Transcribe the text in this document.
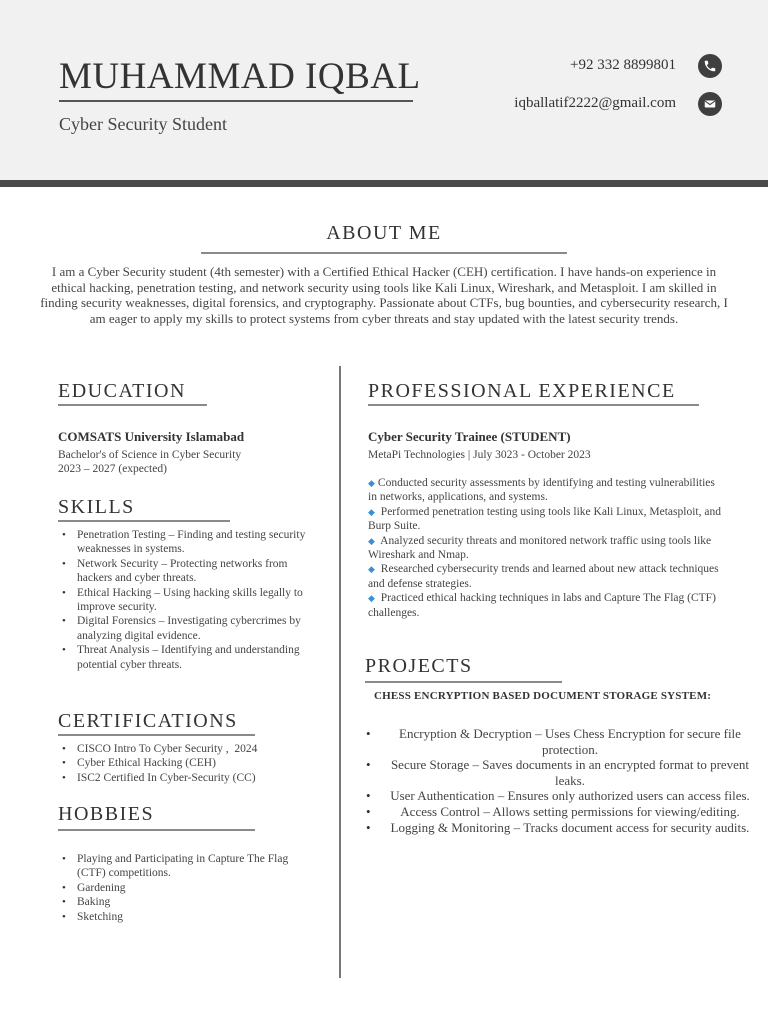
MUHAMMAD IQBAL
Cyber Security Student
+92 332 8899801
iqballatif2222@gmail.com
ABOUT ME
I am a Cyber Security student (4th semester) with a Certified Ethical Hacker (CEH) certification. I have hands-on experience in ethical hacking, penetration testing, and network security using tools like Kali Linux, Wireshark, and Metasploit. I am skilled in finding security weaknesses, digital forensics, and cryptography. Passionate about CTFs, bug bounties, and cybersecurity research, I am eager to apply my skills to protect systems from cyber threats and stay updated with the latest security trends.
EDUCATION
COMSATS University Islamabad
Bachelor's of Science in Cyber Security
2023 – 2027 (expected)
SKILLS
• Penetration Testing – Finding and testing security weaknesses in systems.
• Network Security – Protecting networks from hackers and cyber threats.
• Ethical Hacking – Using hacking skills legally to improve security.
• Digital Forensics – Investigating cybercrimes by analyzing digital evidence.
• Threat Analysis – Identifying and understanding potential cyber threats.
CERTIFICATIONS
• CISCO Intro To Cyber Security ,  2024
• Cyber Ethical Hacking (CEH)
• ISC2 Certified In Cyber-Security (CC)
HOBBIES
• Playing and Participating in Capture The Flag (CTF) competitions.
• Gardening
• Baking
• Sketching
PROFESSIONAL EXPERIENCE
Cyber Security Trainee (STUDENT)
MetaPi Technologies | July 3023 - October 2023
◆ Conducted security assessments by identifying and testing vulnerabilities in networks, applications, and systems.
◆ Performed penetration testing using tools like Kali Linux, Metasploit, and Burp Suite.
◆ Analyzed security threats and monitored network traffic using tools like Wireshark and Nmap.
◆ Researched cybersecurity trends and learned about new attack techniques and defense strategies.
◆ Practiced ethical hacking techniques in labs and Capture The Flag (CTF) challenges.
PROJECTS
CHESS ENCRYPTION BASED DOCUMENT STORAGE SYSTEM:
• Encryption & Decryption – Uses Chess Encryption for secure file protection.
• Secure Storage – Saves documents in an encrypted format to prevent leaks.
• User Authentication – Ensures only authorized users can access files.
• Access Control – Allows setting permissions for viewing/editing.
• Logging & Monitoring – Tracks document access for security audits.
